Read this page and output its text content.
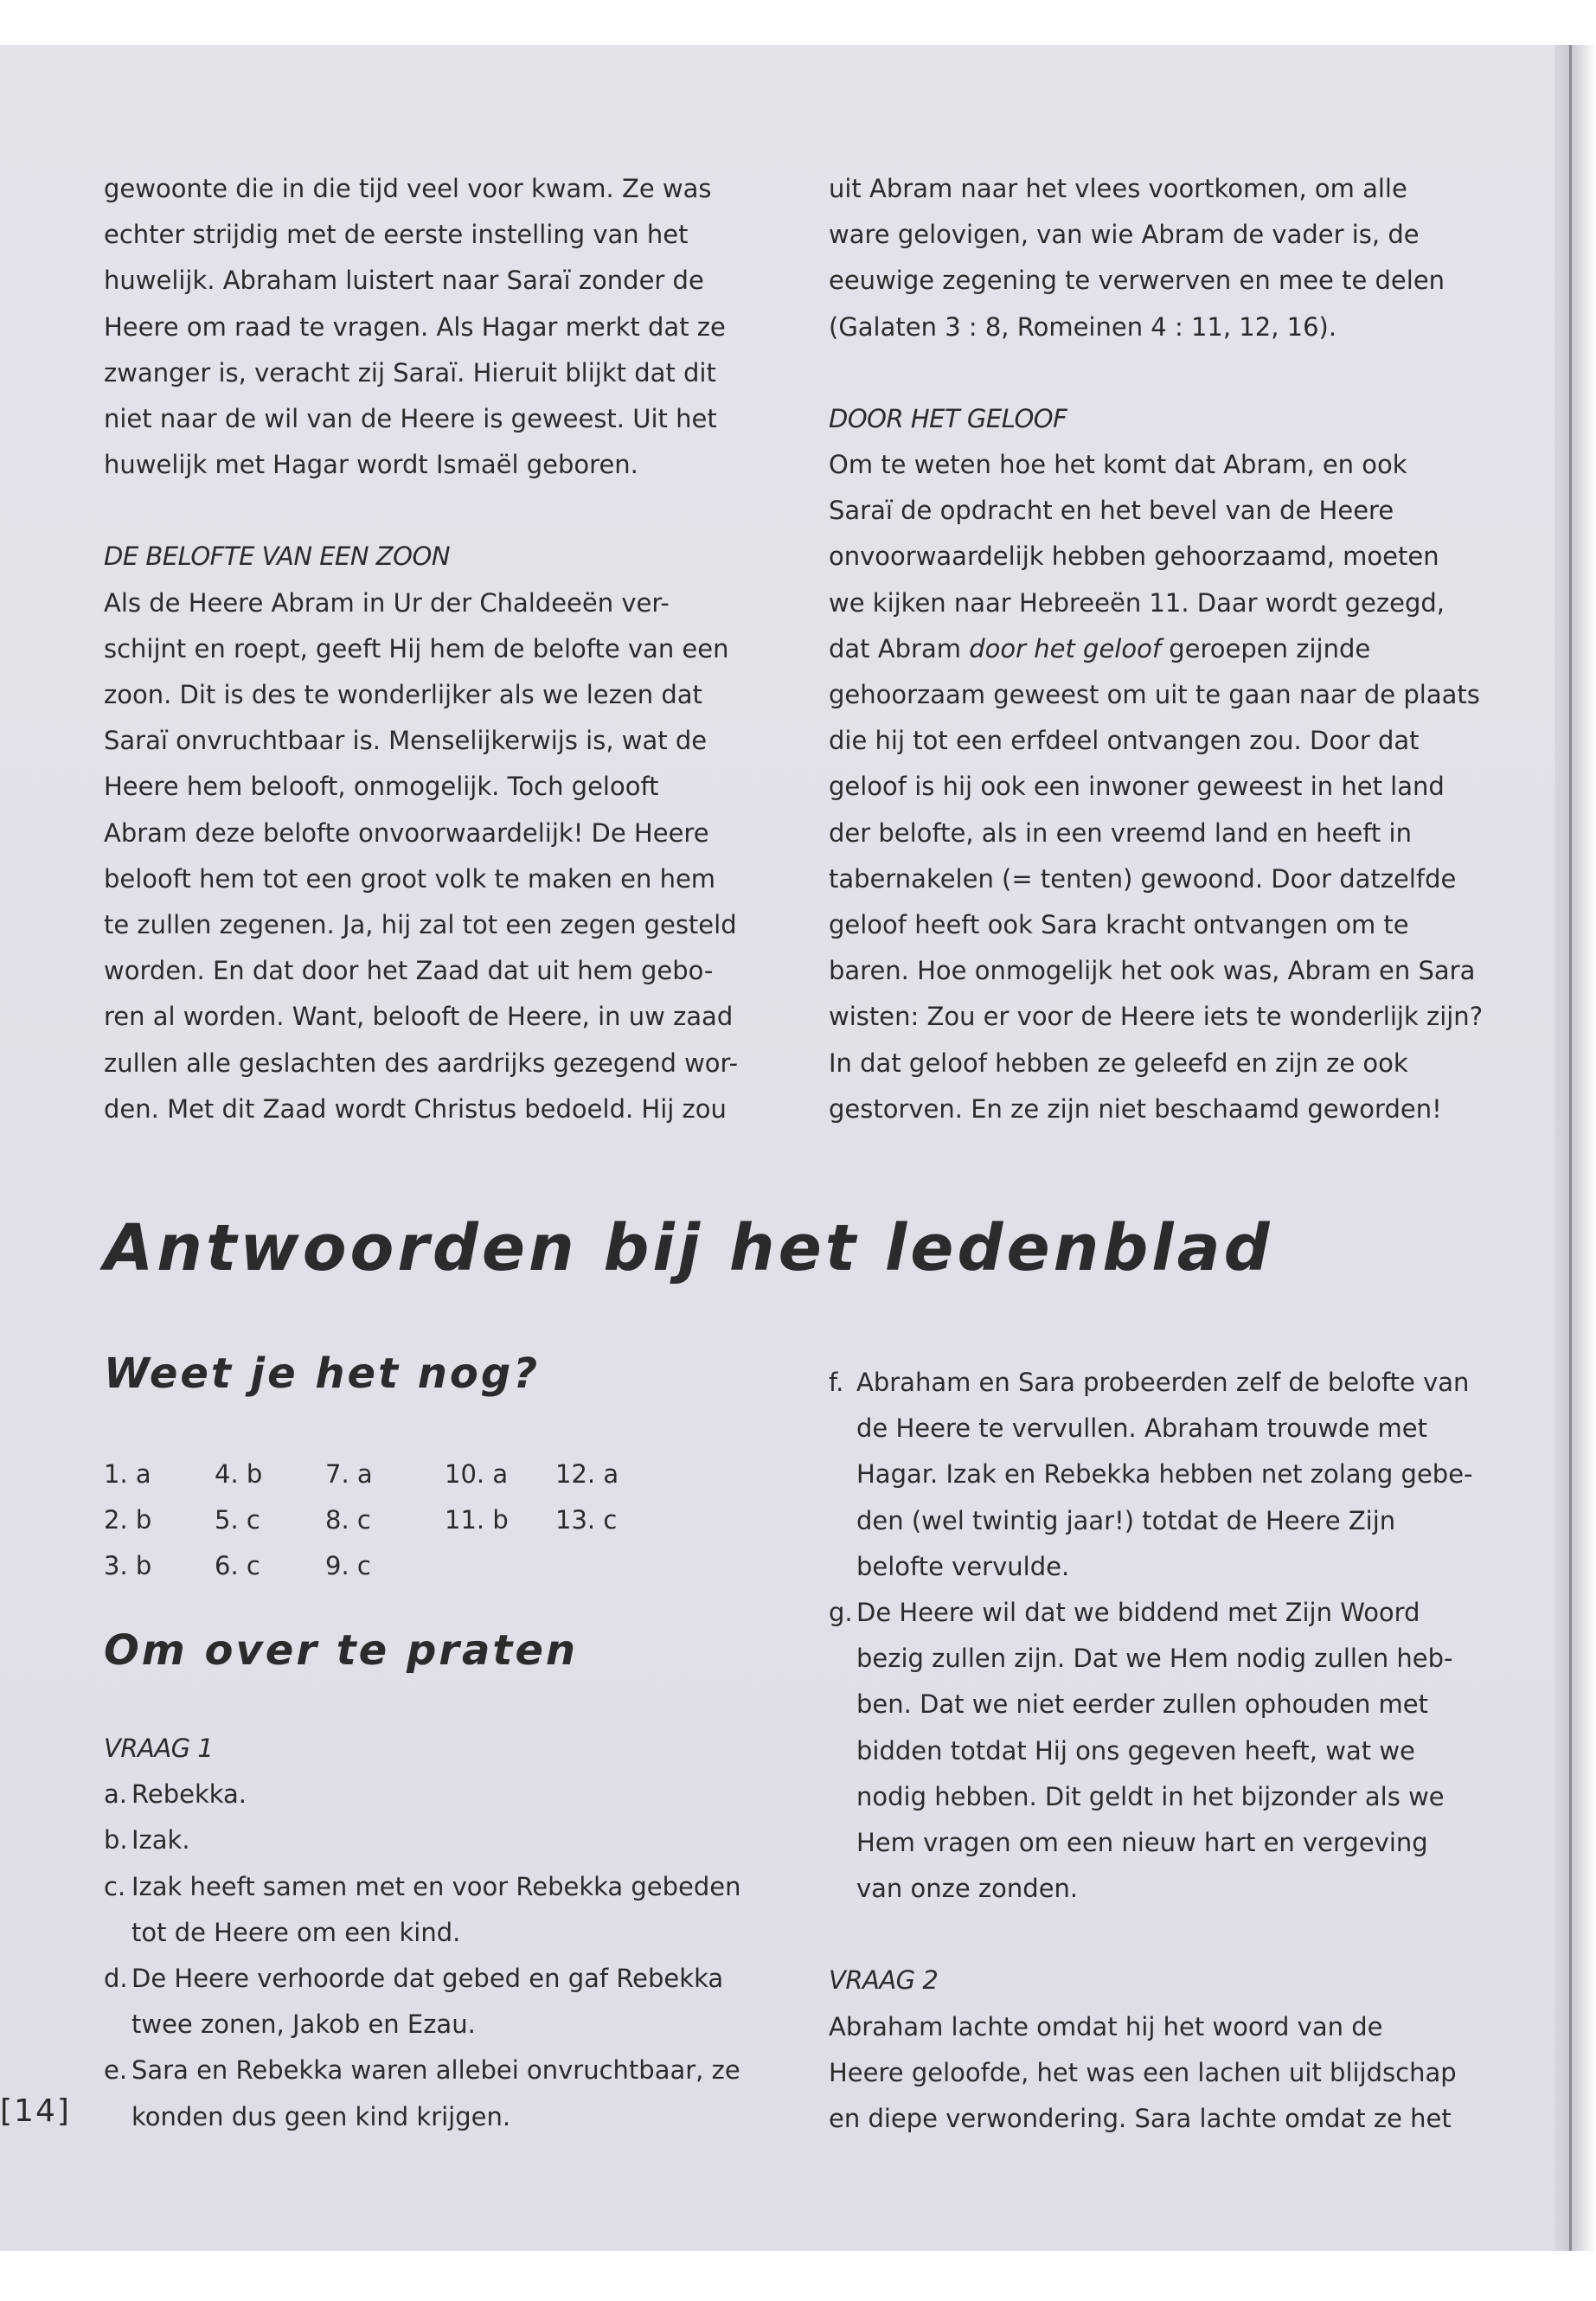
gewoonte die in die tijd veel voor kwam. Ze was

echter strijdig met de eerste instelling van het

huwelijk. Abraham luistert naar Saraï zonder de

Heere om raad te vragen. Als Hagar merkt dat ze

zwanger is, veracht zij Saraï. Hieruit blijkt dat dit

niet naar de wil van de Heere is geweest. Uit het

huwelijk met Hagar wordt Ismaël geboren.

DE BELOFTE VAN EEN ZOON

Als de Heere Abram in Ur der Chaldeeën ver-

schijnt en roept, geeft Hij hem de belofte van een

zoon. Dit is des te wonderlijker als we lezen dat

Saraï onvruchtbaar is. Menselijkerwijs is, wat de

Heere hem belooft, onmogelijk. Toch gelooft

Abram deze belofte onvoorwaardelijk! De Heere

belooft hem tot een groot volk te maken en hem

te zullen zegenen. Ja, hij zal tot een zegen gesteld

worden. En dat door het Zaad dat uit hem gebo-

ren al worden. Want, belooft de Heere, in uw zaad

zullen alle geslachten des aardrijks gezegend wor-

den. Met dit Zaad wordt Christus bedoeld. Hij zou

uit Abram naar het vlees voortkomen, om alle

ware gelovigen, van wie Abram de vader is, de

eeuwige zegening te verwerven en mee te delen

(Galaten 3 : 8, Romeinen 4 : 11, 12, 16).

DOOR HET GELOOF

Om te weten hoe het komt dat Abram, en ook

Saraï de opdracht en het bevel van de Heere

onvoorwaardelijk hebben gehoorzaamd, moeten

we kijken naar Hebreeën 11. Daar wordt gezegd,

dat Abram door het geloof geroepen zijnde

gehoorzaam geweest om uit te gaan naar de plaats

die hij tot een erfdeel ontvangen zou. Door dat

geloof is hij ook een inwoner geweest in het land

der belofte, als in een vreemd land en heeft in

tabernakelen (= tenten) gewoond. Door datzelfde

geloof heeft ook Sara kracht ontvangen om te

baren. Hoe onmogelijk het ook was, Abram en Sara

wisten: Zou er voor de Heere iets te wonderlijk zijn?

In dat geloof hebben ze geleefd en zijn ze ook

gestorven. En ze zijn niet beschaamd geworden!

Antwoorden bij het ledenblad
Weet je het nog?
1. a	4. b	7. a	10. a	12. a
2. b	5. c	8. c	11. b	13. c
3. b	6. c	9. c
Om over te praten

VRAAG 1

a. Rebekka.

b. Izak.

c. Izak heeft samen met en voor Rebekka gebeden

tot de Heere om een kind.

d. De Heere verhoorde dat gebed en gaf Rebekka

twee zonen, Jakob en Ezau.

e. Sara en Rebekka waren allebei onvruchtbaar, ze

konden dus geen kind krijgen.

f. Abraham en Sara probeerden zelf de belofte van

de Heere te vervullen. Abraham trouwde met

Hagar. Izak en Rebekka hebben net zolang gebe-

den (wel twintig jaar!) totdat de Heere Zijn

belofte vervulde.

g. De Heere wil dat we biddend met Zijn Woord

bezig zullen zijn. Dat we Hem nodig zullen heb-

ben. Dat we niet eerder zullen ophouden met

bidden totdat Hij ons gegeven heeft, wat we

nodig hebben. Dit geldt in het bijzonder als we

Hem vragen om een nieuw hart en vergeving

van onze zonden.

VRAAG 2

Abraham lachte omdat hij het woord van de

Heere geloofde, het was een lachen uit blijdschap

en diepe verwondering. Sara lachte omdat ze het

[14]
